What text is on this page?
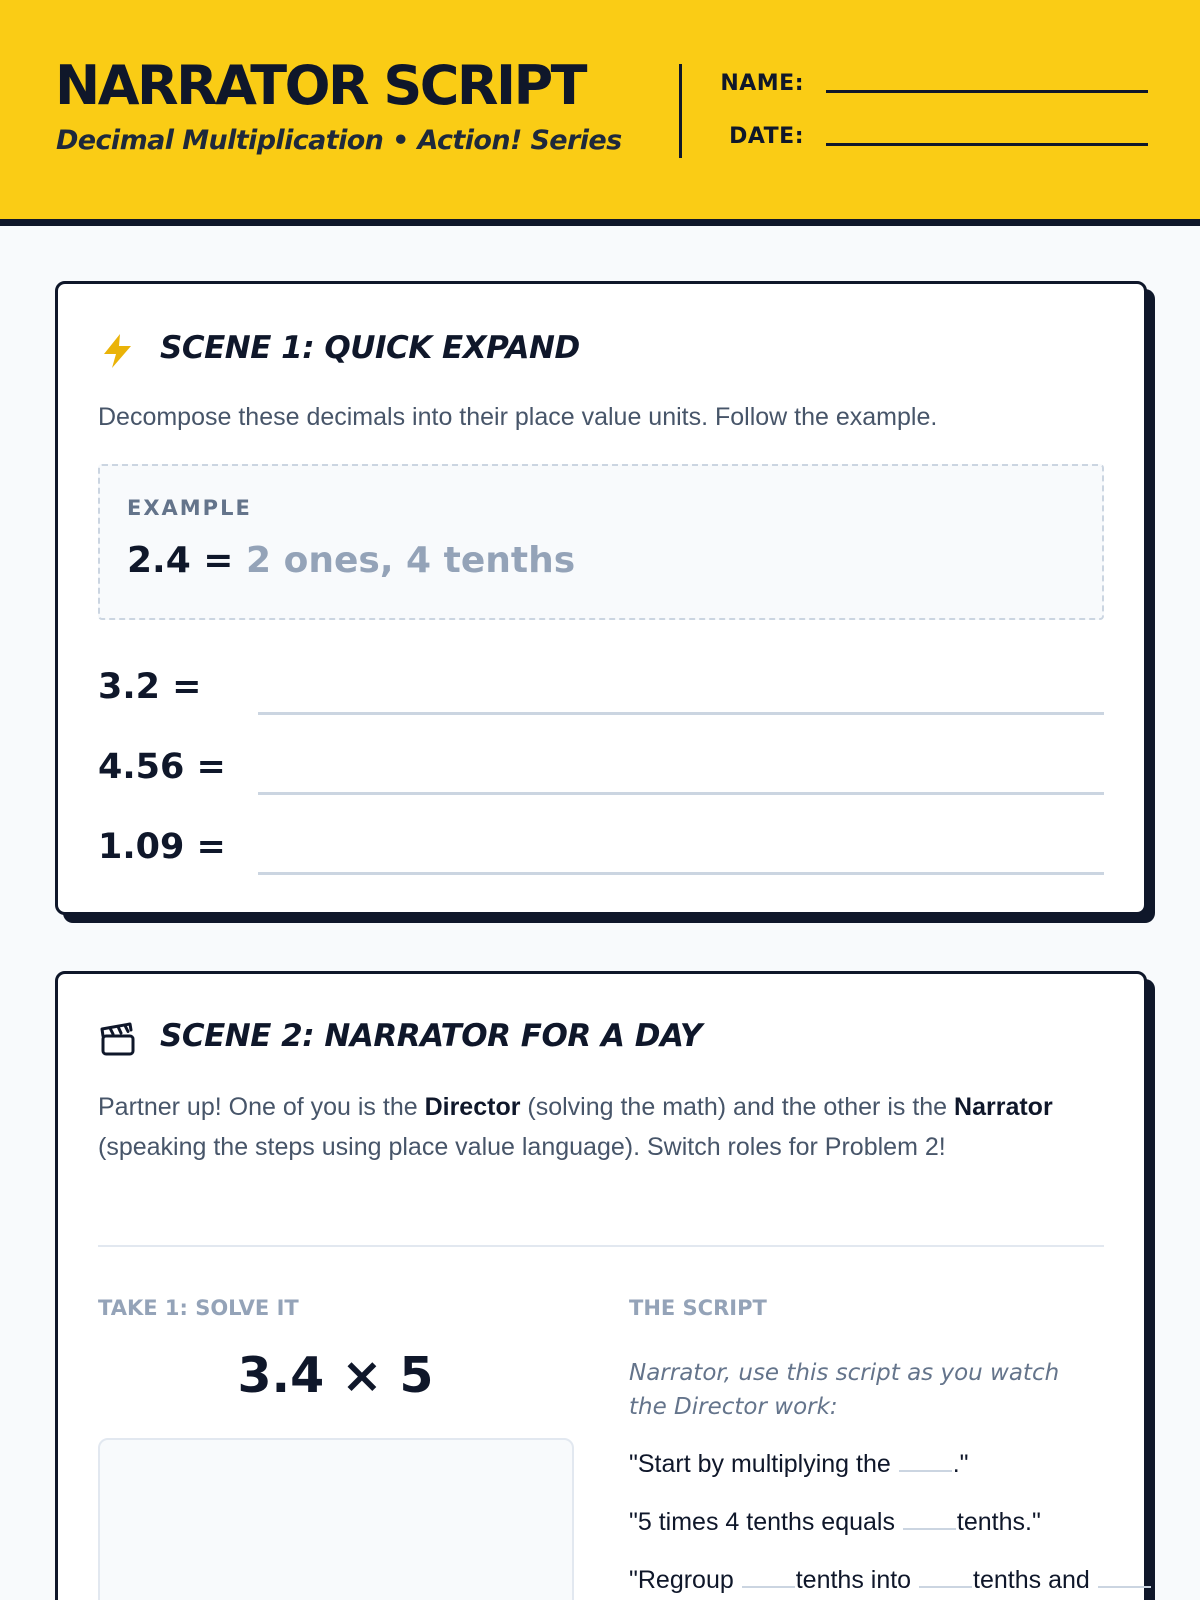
NARRATOR SCRIPT
Decimal Multiplication • Action! Series
NAME:
DATE:
SCENE 1: QUICK EXPAND
Decompose these decimals into their place value units. Follow the example.
EXAMPLE
2.4 = 2 ones, 4 tenths
3.2 =
4.56 =
1.09 =
SCENE 2: NARRATOR FOR A DAY
Partner up! One of you is the Director (solving the math) and the other is the Narrator (speaking the steps using place value language). Switch roles for Problem 2!
TAKE 1: SOLVE IT
3.4 × 5
THE SCRIPT
Narrator, use this script as you watch the Director work:
"Start by multiplying the ."
"5 times 4 tenths equals tenths."
"Regroup tenths into tenths and
